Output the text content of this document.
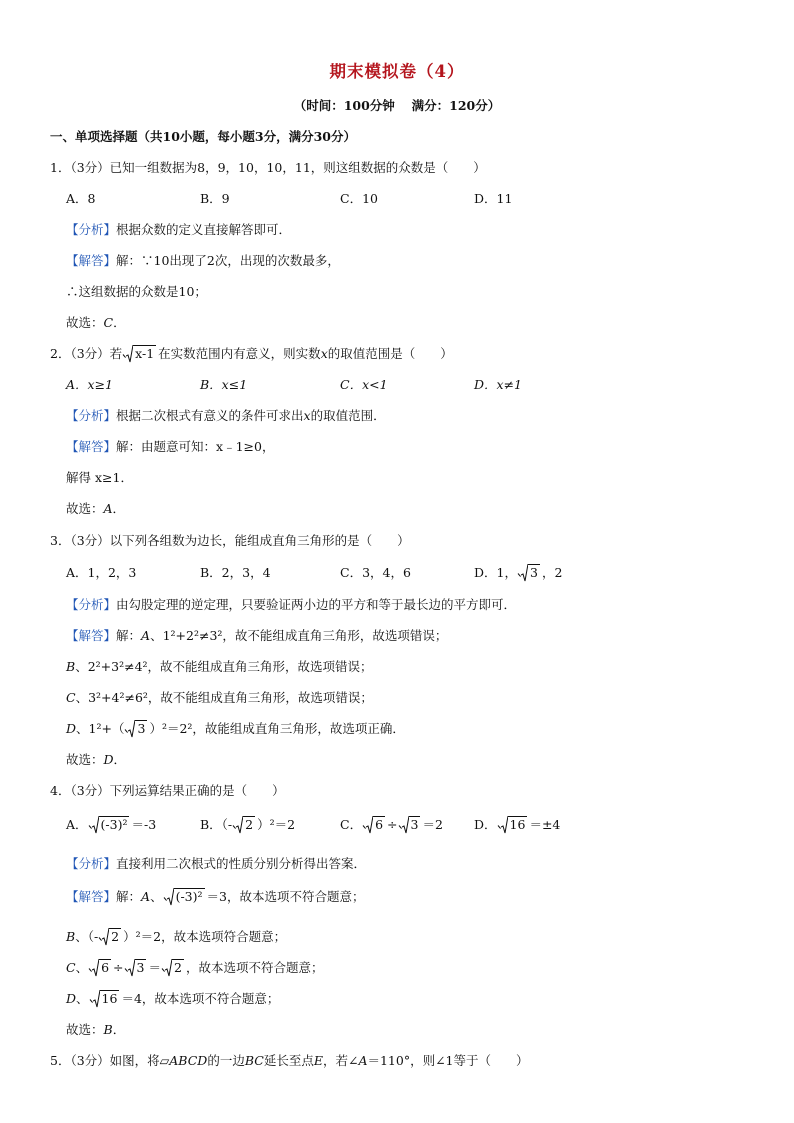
期末模拟卷（4）
（时间：100分钟　 满分：120分）
一、单项选择题（共10小题，每小题3分，满分30分）
1．（3分）已知一组数据为8，9，10，10，11，则这组数据的众数是（　　）
A．8	B．9	C．10	D．11
【分析】根据众数的定义直接解答即可．
【解答】解：∵10出现了2次，出现的次数最多，
∴这组数据的众数是10；
故选：C．
2．（3分）若 x-1 在实数范围内有意义，则实数x的取值范围是（　　）
A．x≥1	B．x≤1	C．x<1	D．x≠1
【分析】根据二次根式有意义的条件可求出x的取值范围．
【解答】解：由题意可知：x﹣1≥0，
解得 x≥1．
故选：A．
3．（3分）以下列各组数为边长，能组成直角三角形的是（　　）
A．1，2，3	B．2，3，4	C．3，4，6	D．1， 3 ，2
【分析】由勾股定理的逆定理，只要验证两小边的平方和等于最长边的平方即可．
【解答】解：A、1²+2²≠3²，故不能组成直角三角形，故选项错误；
B、2²+3²≠4²，故不能组成直角三角形，故选项错误；
C、3²+4²≠6²，故不能组成直角三角形，故选项错误；
D、1²+（ 3 ）²＝2²，故能组成直角三角形，故选项正确．
故选：D．
4．（3分）下列运算结果正确的是（　　）
A． (-3)² ＝-3	B．（- 2 ）²＝2	C． 6 ÷ 3 ＝2 D． 16 ＝±4
【分析】直接利用二次根式的性质分别分析得出答案．
【解答】解：A、 (-3)² ＝3，故本选项不符合题意；
B、（- 2 ）²＝2，故本选项符合题意；
C、 6 ÷ 3 ＝ 2 ，故本选项不符合题意；
D、 16 ＝4，故本选项不符合题意；
故选：B．
5．（3分）如图，将▱ABCD的一边BC延长至点E，若∠A＝110°，则∠1等于（　　）
